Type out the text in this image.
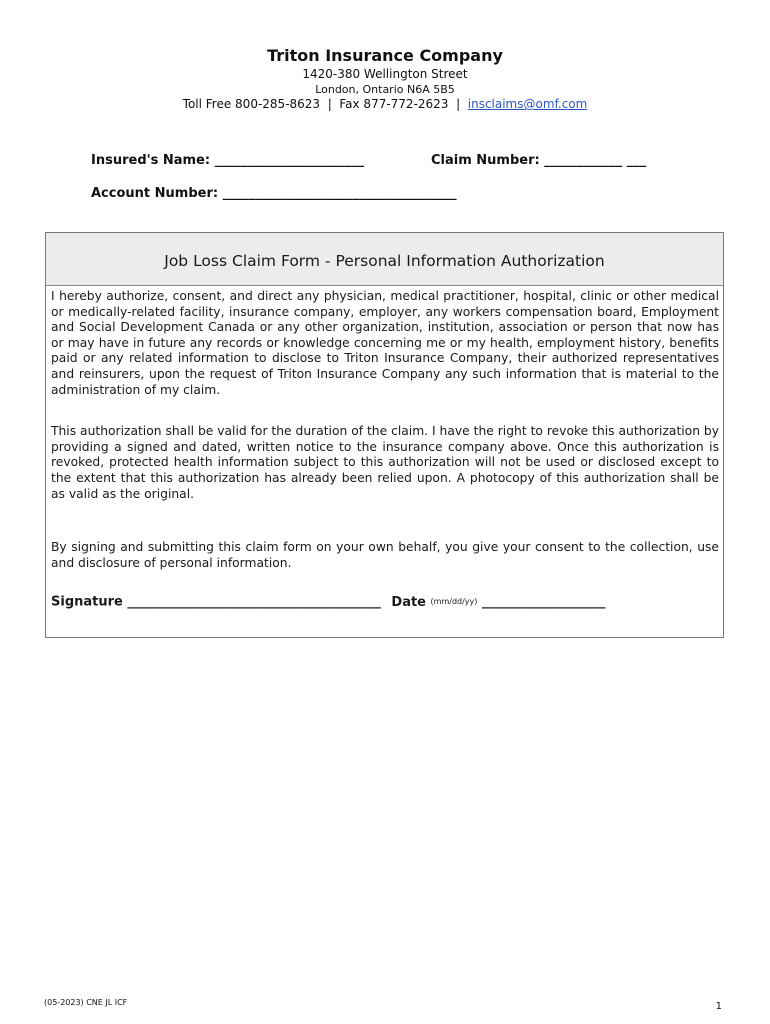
Triton Insurance Company

1420-380 Wellington Street

London, Ontario N6A 5B5

Toll Free 800-285-8623  |  Fax 877-772-2623  |  insclaims@omf.com

Insured's Name: _______________________	Claim Number: ____________ ___
Account Number: ____________________________________
Job Loss Claim Form - Personal Information Authorization

I hereby authorize, consent, and direct any physician, medical practitioner, hospital, clinic or other medical or medically-related facility, insurance company, employer, any workers compensation board, Employment and Social Development Canada or any other organization, institution, association or person that now has or may have in future any records or knowledge concerning me or my health, employment history, benefits paid or any related information to disclose to Triton Insurance Company, their authorized representatives and reinsurers, upon the request of Triton Insurance Company any such information that is material to the administration of my claim.

This authorization shall be valid for the duration of the claim. I have the right to revoke this authorization by providing a signed and dated, written notice to the insurance company above. Once this authorization is revoked, protected health information subject to this authorization will not be used or disclosed except to the extent that this authorization has already been relied upon. A photocopy of this authorization shall be as valid as the original.

By signing and submitting this claim form on your own behalf, you give your consent to the collection, use and disclosure of personal information.

Signature _______________________________________ Date (mm/dd/yy) ___________________
(05-2023) CNE JL ICF	1
